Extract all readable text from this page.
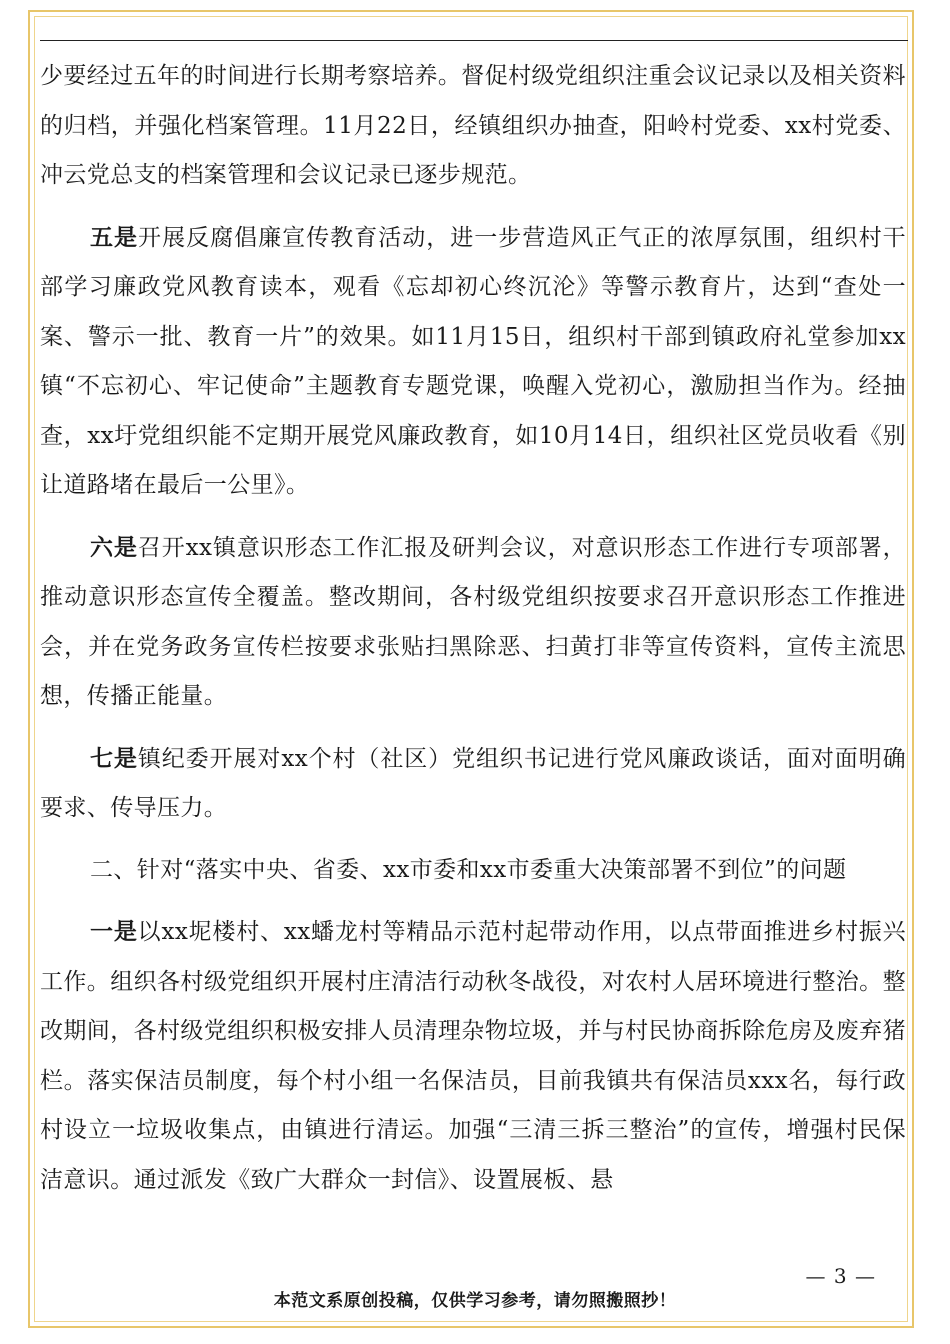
少要经过五年的时间进行长期考察培养。督促村级党组织注重会议记录以及相关资料的归档，并强化档案管理。11月22日，经镇组织办抽查，阳岭村党委、xx村党委、冲云党总支的档案管理和会议记录已逐步规范。

五是开展反腐倡廉宣传教育活动，进一步营造风正气正的浓厚氛围，组织村干部学习廉政党风教育读本，观看《忘却初心终沉沦》等警示教育片，达到“查处一案、警示一批、教育一片”的效果。如11月15日，组织村干部到镇政府礼堂参加xx镇“不忘初心、牢记使命”主题教育专题党课，唤醒入党初心，激励担当作为。经抽查，xx圩党组织能不定期开展党风廉政教育，如10月14日，组织社区党员收看《别让道路堵在最后一公里》。

六是召开xx镇意识形态工作汇报及研判会议，对意识形态工作进行专项部署，推动意识形态宣传全覆盖。整改期间，各村级党组织按要求召开意识形态工作推进会，并在党务政务宣传栏按要求张贴扫黑除恶、扫黄打非等宣传资料，宣传主流思想，传播正能量。

七是镇纪委开展对xx个村（社区）党组织书记进行党风廉政谈话，面对面明确要求、传导压力。

二、针对“落实中央、省委、xx市委和xx市委重大决策部署不到位”的问题

一是以xx坭楼村、xx蟠龙村等精品示范村起带动作用，以点带面推进乡村振兴工作。组织各村级党组织开展村庄清洁行动秋冬战役，对农村人居环境进行整治。整改期间，各村级党组织积极安排人员清理杂物垃圾，并与村民协商拆除危房及废弃猪栏。落实保洁员制度，每个村小组一名保洁员，目前我镇共有保洁员xxx名，每行政村设立一垃圾收集点，由镇进行清运。加强“三清三拆三整治”的宣传，增强村民保洁意识。通过派发《致广大群众一封信》、设置展板、悬

— 3 —
本范文系原创投稿，仅供学习参考，请勿照搬照抄！
